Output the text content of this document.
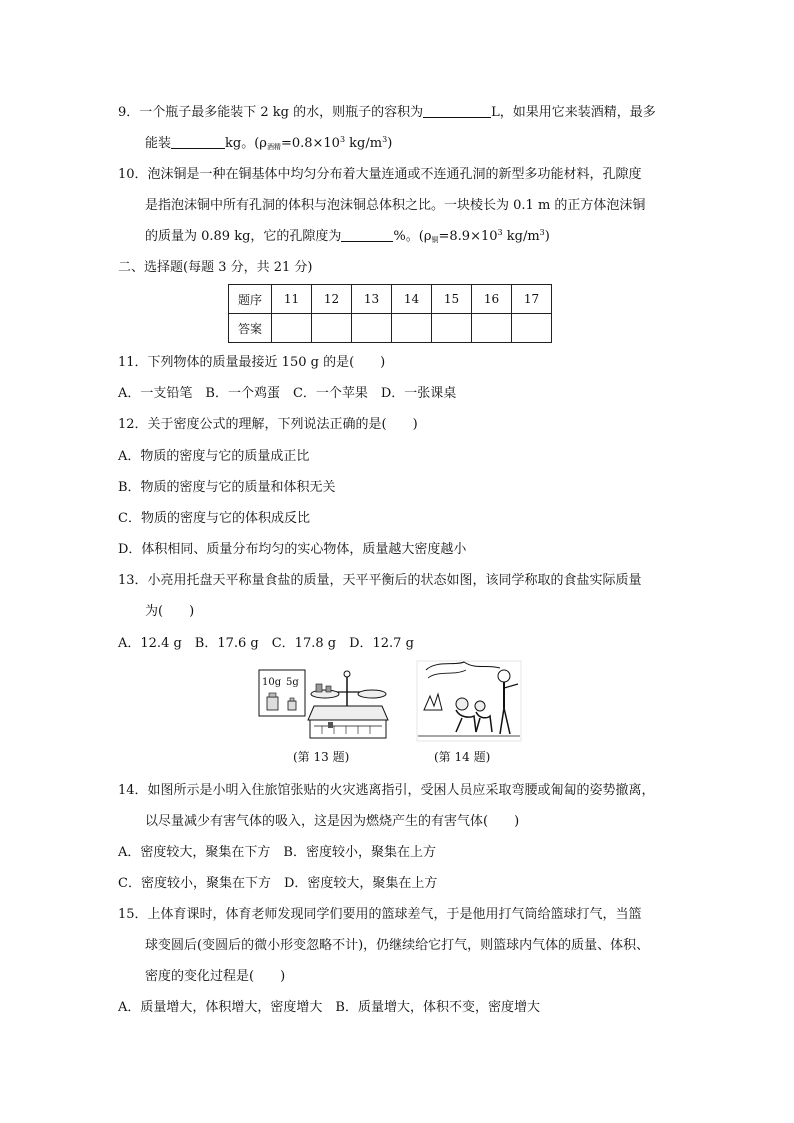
9．一个瓶子最多能装下 2 kg 的水，则瓶子的容积为	L，如果用它来装酒精，最多
能装	kg。($\rho_{酒精}=0.8\times 10^3$ $kg/m^3$)
10．泡沫铜是一种在铜基体中均匀分布着大量连通或不连通孔洞的新型多功能材料，孔隙度
是指泡沫铜中所有孔洞的体积与泡沫铜总体积之比。一块棱长为 0.1 m 的正方体泡沫铜
的质量为 0.89 kg，它的孔隙度为	%。($\rho_铜=8.9\times 10^3$ $kg/m^3$)
二、选择题(每题 3 分，共 21 分)
题序	11	12	13	14	15	16	17
答案							
11．下列物体的质量最接近 150 g 的是(　　)
A．一支铅笔　B．一个鸡蛋　C．一个苹果　D．一张课桌
12．关于密度公式的理解，下列说法正确的是(　　)
A．物质的密度与它的质量成正比
B．物质的密度与它的质量和体积无关
C．物质的密度与它的体积成反比
D．体积相同、质量分布均匀的实心物体，质量越大密度越小
13．小亮用托盘天平称量食盐的质量，天平平衡后的状态如图，该同学称取的食盐实际质量
为(　　)
A．12.4 g　B．17.6 g　C．17.8 g　D．12.7 g
10g 5g
(第 13 题)	(第 14 题)
14．如图所示是小明入住旅馆张贴的火灾逃离指引，受困人员应采取弯腰或匍匐的姿势撤离，
以尽量减少有害气体的吸入，这是因为燃烧产生的有害气体(　　)
A．密度较大，聚集在下方　B．密度较小，聚集在上方
C．密度较小，聚集在下方　D．密度较大，聚集在上方
15．上体育课时，体育老师发现同学们要用的篮球差气，于是他用打气筒给篮球打气，当篮
球变圆后(变圆后的微小形变忽略不计)，仍继续给它打气，则篮球内气体的质量、体积、
密度的变化过程是(　　)
A．质量增大，体积增大，密度增大　B．质量增大，体积不变，密度增大
